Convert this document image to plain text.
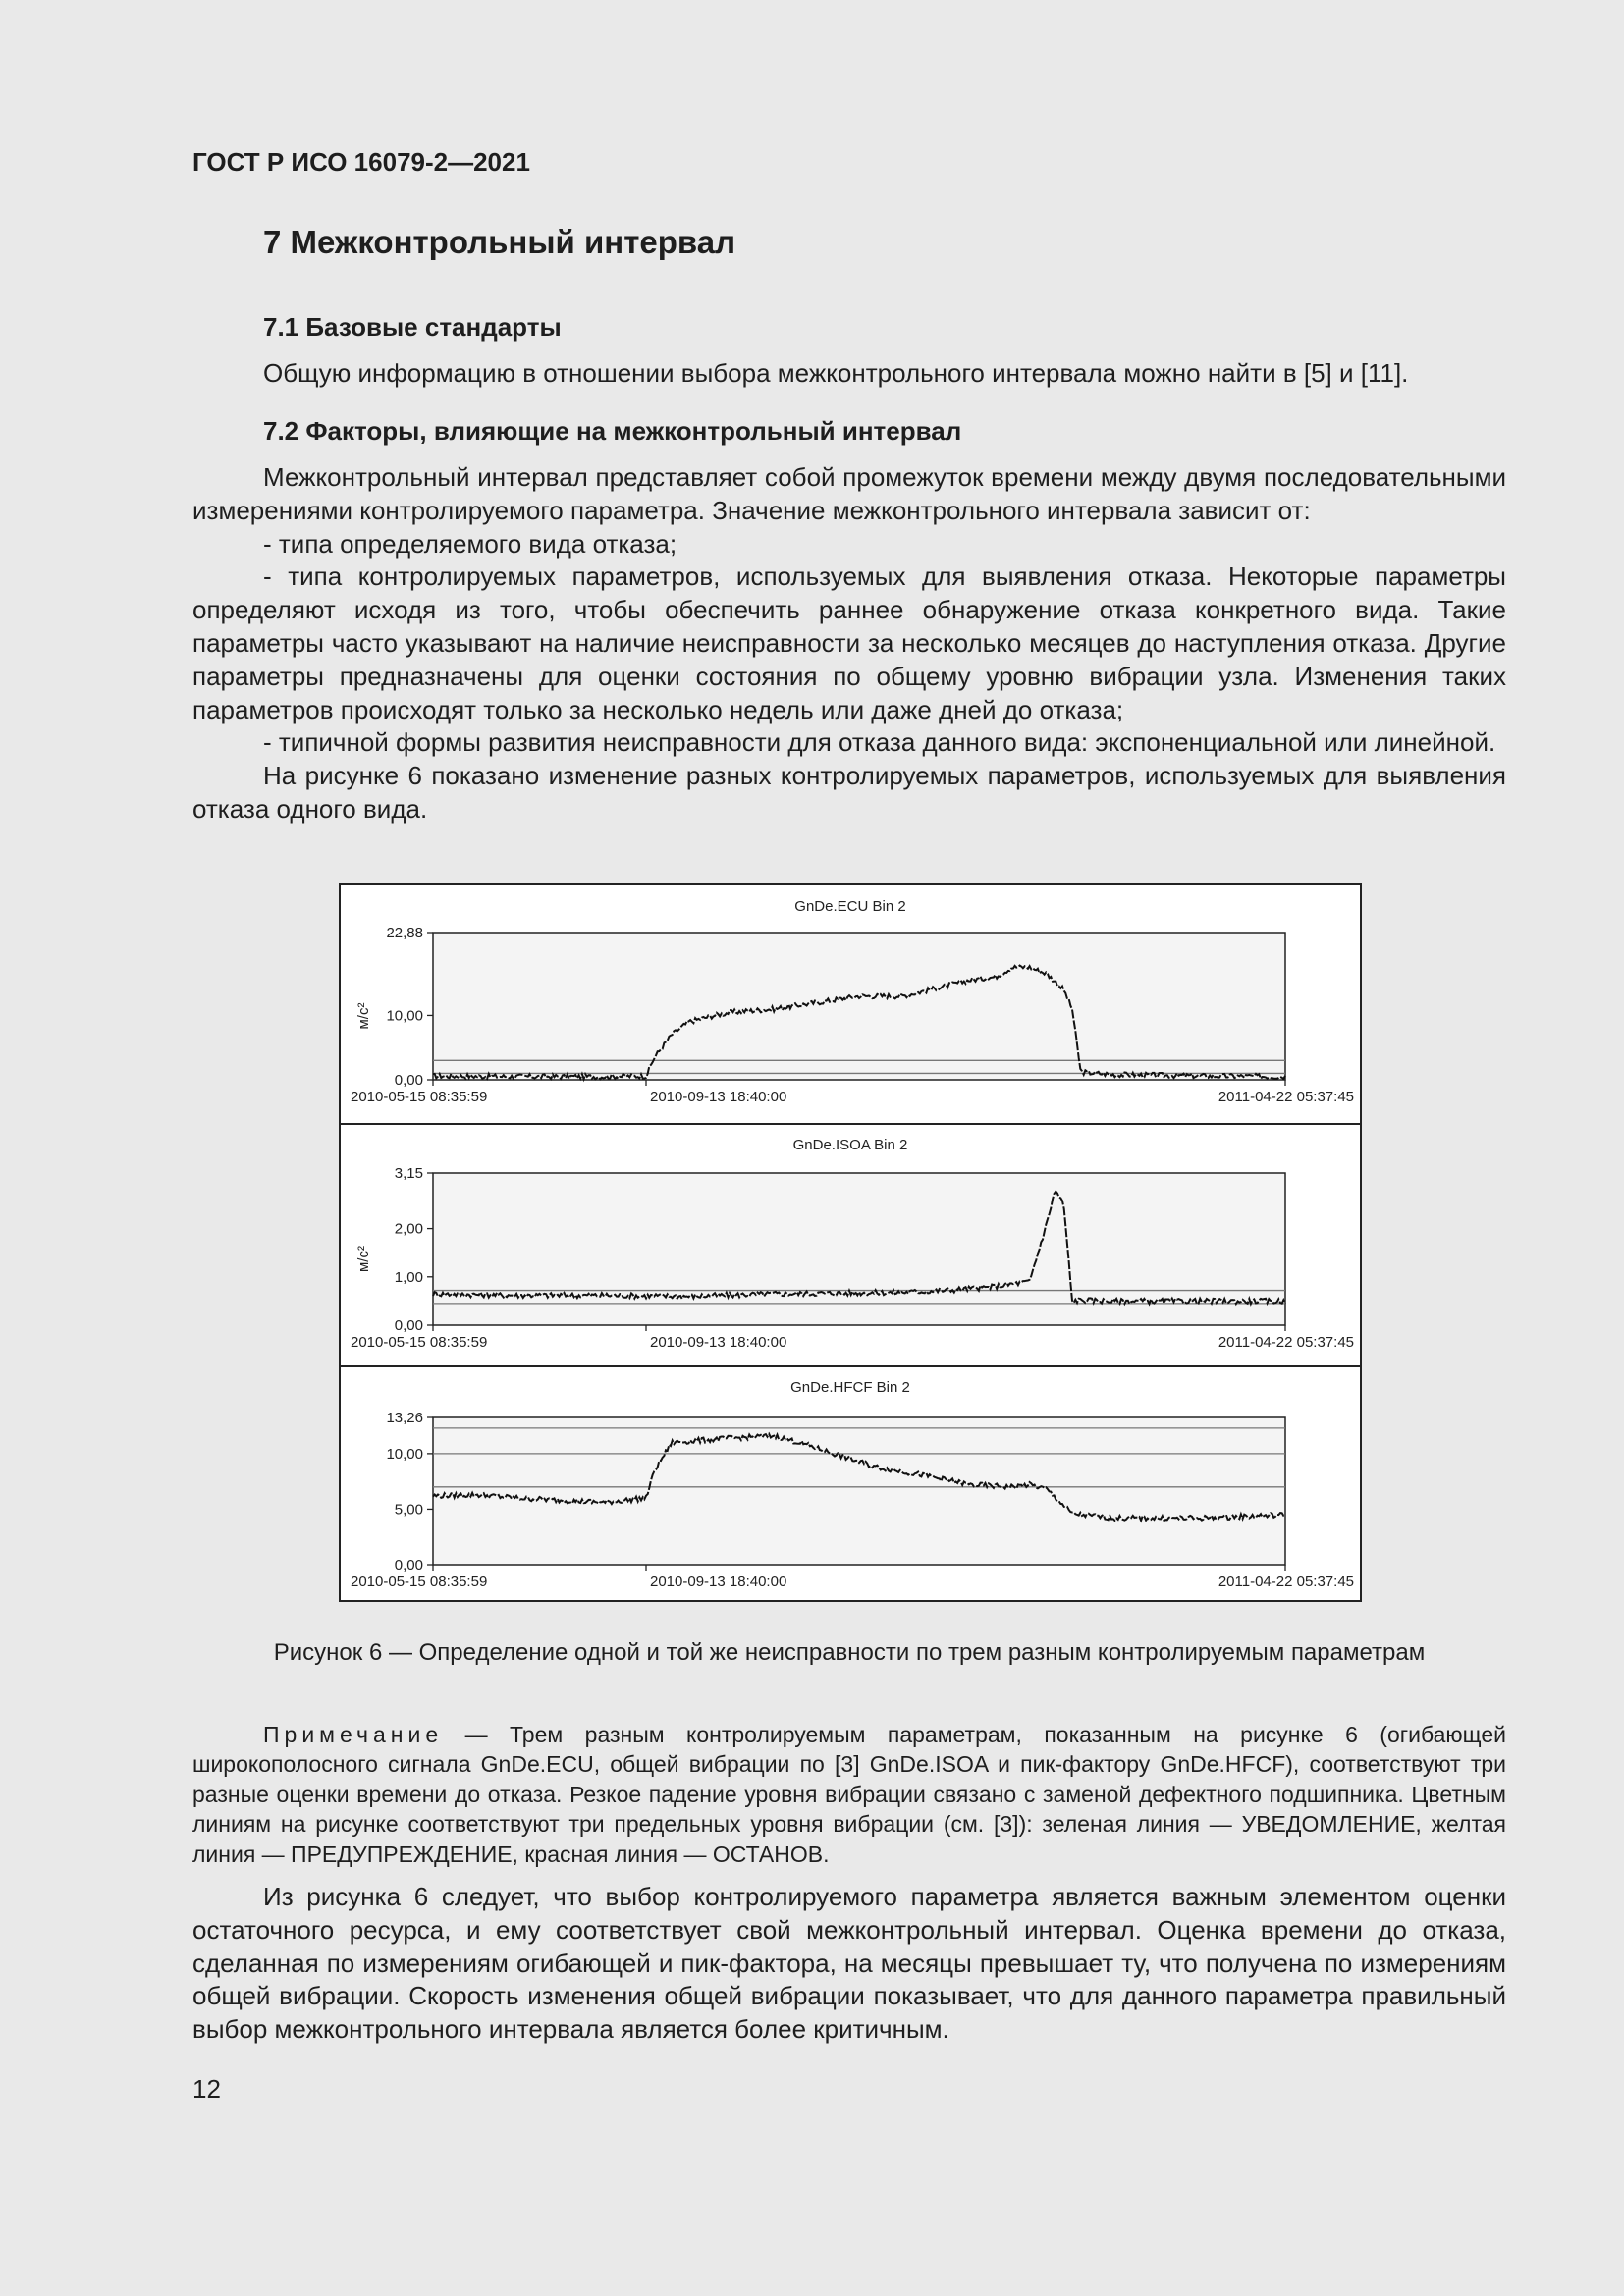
ГОСТ Р ИСО 16079-2—2021
7 Межконтрольный интервал
7.1 Базовые стандарты

Общую информацию в отношении выбора межконтрольного интервала можно найти в [5] и [11].

7.2 Факторы, влияющие на межконтрольный интервал

Межконтрольный интервал представляет собой промежуток времени между двумя последовательными измерениями контролируемого параметра. Значение межконтрольного интервала зависит от:

- типа определяемого вида отказа;

- типа контролируемых параметров, используемых для выявления отказа. Некоторые параметры определяют исходя из того, чтобы обеспечить раннее обнаружение отказа конкретного вида. Такие параметры часто указывают на наличие неисправности за несколько месяцев до наступления отказа. Другие параметры предназначены для оценки состояния по общему уровню вибрации узла. Изменения таких параметров происходят только за несколько недель или даже дней до отказа;

- типичной формы развития неисправности для отказа данного вида: экспоненциальной или линейной.

На рисунке 6 показано изменение разных контролируемых параметров, используемых для выявления отказа одного вида.

GnDe.ECU Bin 2
22,88
10,00
0,00
м/с²
2010-05-15 08:35:59	2010-09-13 18:40:00	2011-04-22 05:37:45
GnDe.ISOA Bin 2
3,15
2,00
1,00
0,00
м/с²
2010-05-15 08:35:59	2010-09-13 18:40:00	2011-04-22 05:37:45
GnDe.HFCF Bin 2
13,26
10,00
5,00
0,00
2010-05-15 08:35:59	2010-09-13 18:40:00	2011-04-22 05:37:45
Рисунок 6 — Определение одной и той же неисправности по трем разным контролируемым параметрам

Примечание — Трем разным контролируемым параметрам, показанным на рисунке 6 (огибающей широкополосного сигнала GnDe.ECU, общей вибрации по [3] GnDe.ISOA и пик-фактору GnDe.HFCF), соответствуют три разные оценки времени до отказа. Резкое падение уровня вибрации связано с заменой дефектного подшипника. Цветным линиям на рисунке соответствуют три предельных уровня вибрации (см. [3]): зеленая линия — УВЕДОМЛЕНИЕ, желтая линия — ПРЕДУПРЕЖДЕНИЕ, красная линия — ОСТАНОВ.

Из рисунка 6 следует, что выбор контролируемого параметра является важным элементом оценки остаточного ресурса, и ему соответствует свой межконтрольный интервал. Оценка времени до отказа, сделанная по измерениям огибающей и пик-фактора, на месяцы превышает ту, что получена по измерениям общей вибрации. Скорость изменения общей вибрации показывает, что для данного параметра правильный выбор межконтрольного интервала является более критичным.

12
